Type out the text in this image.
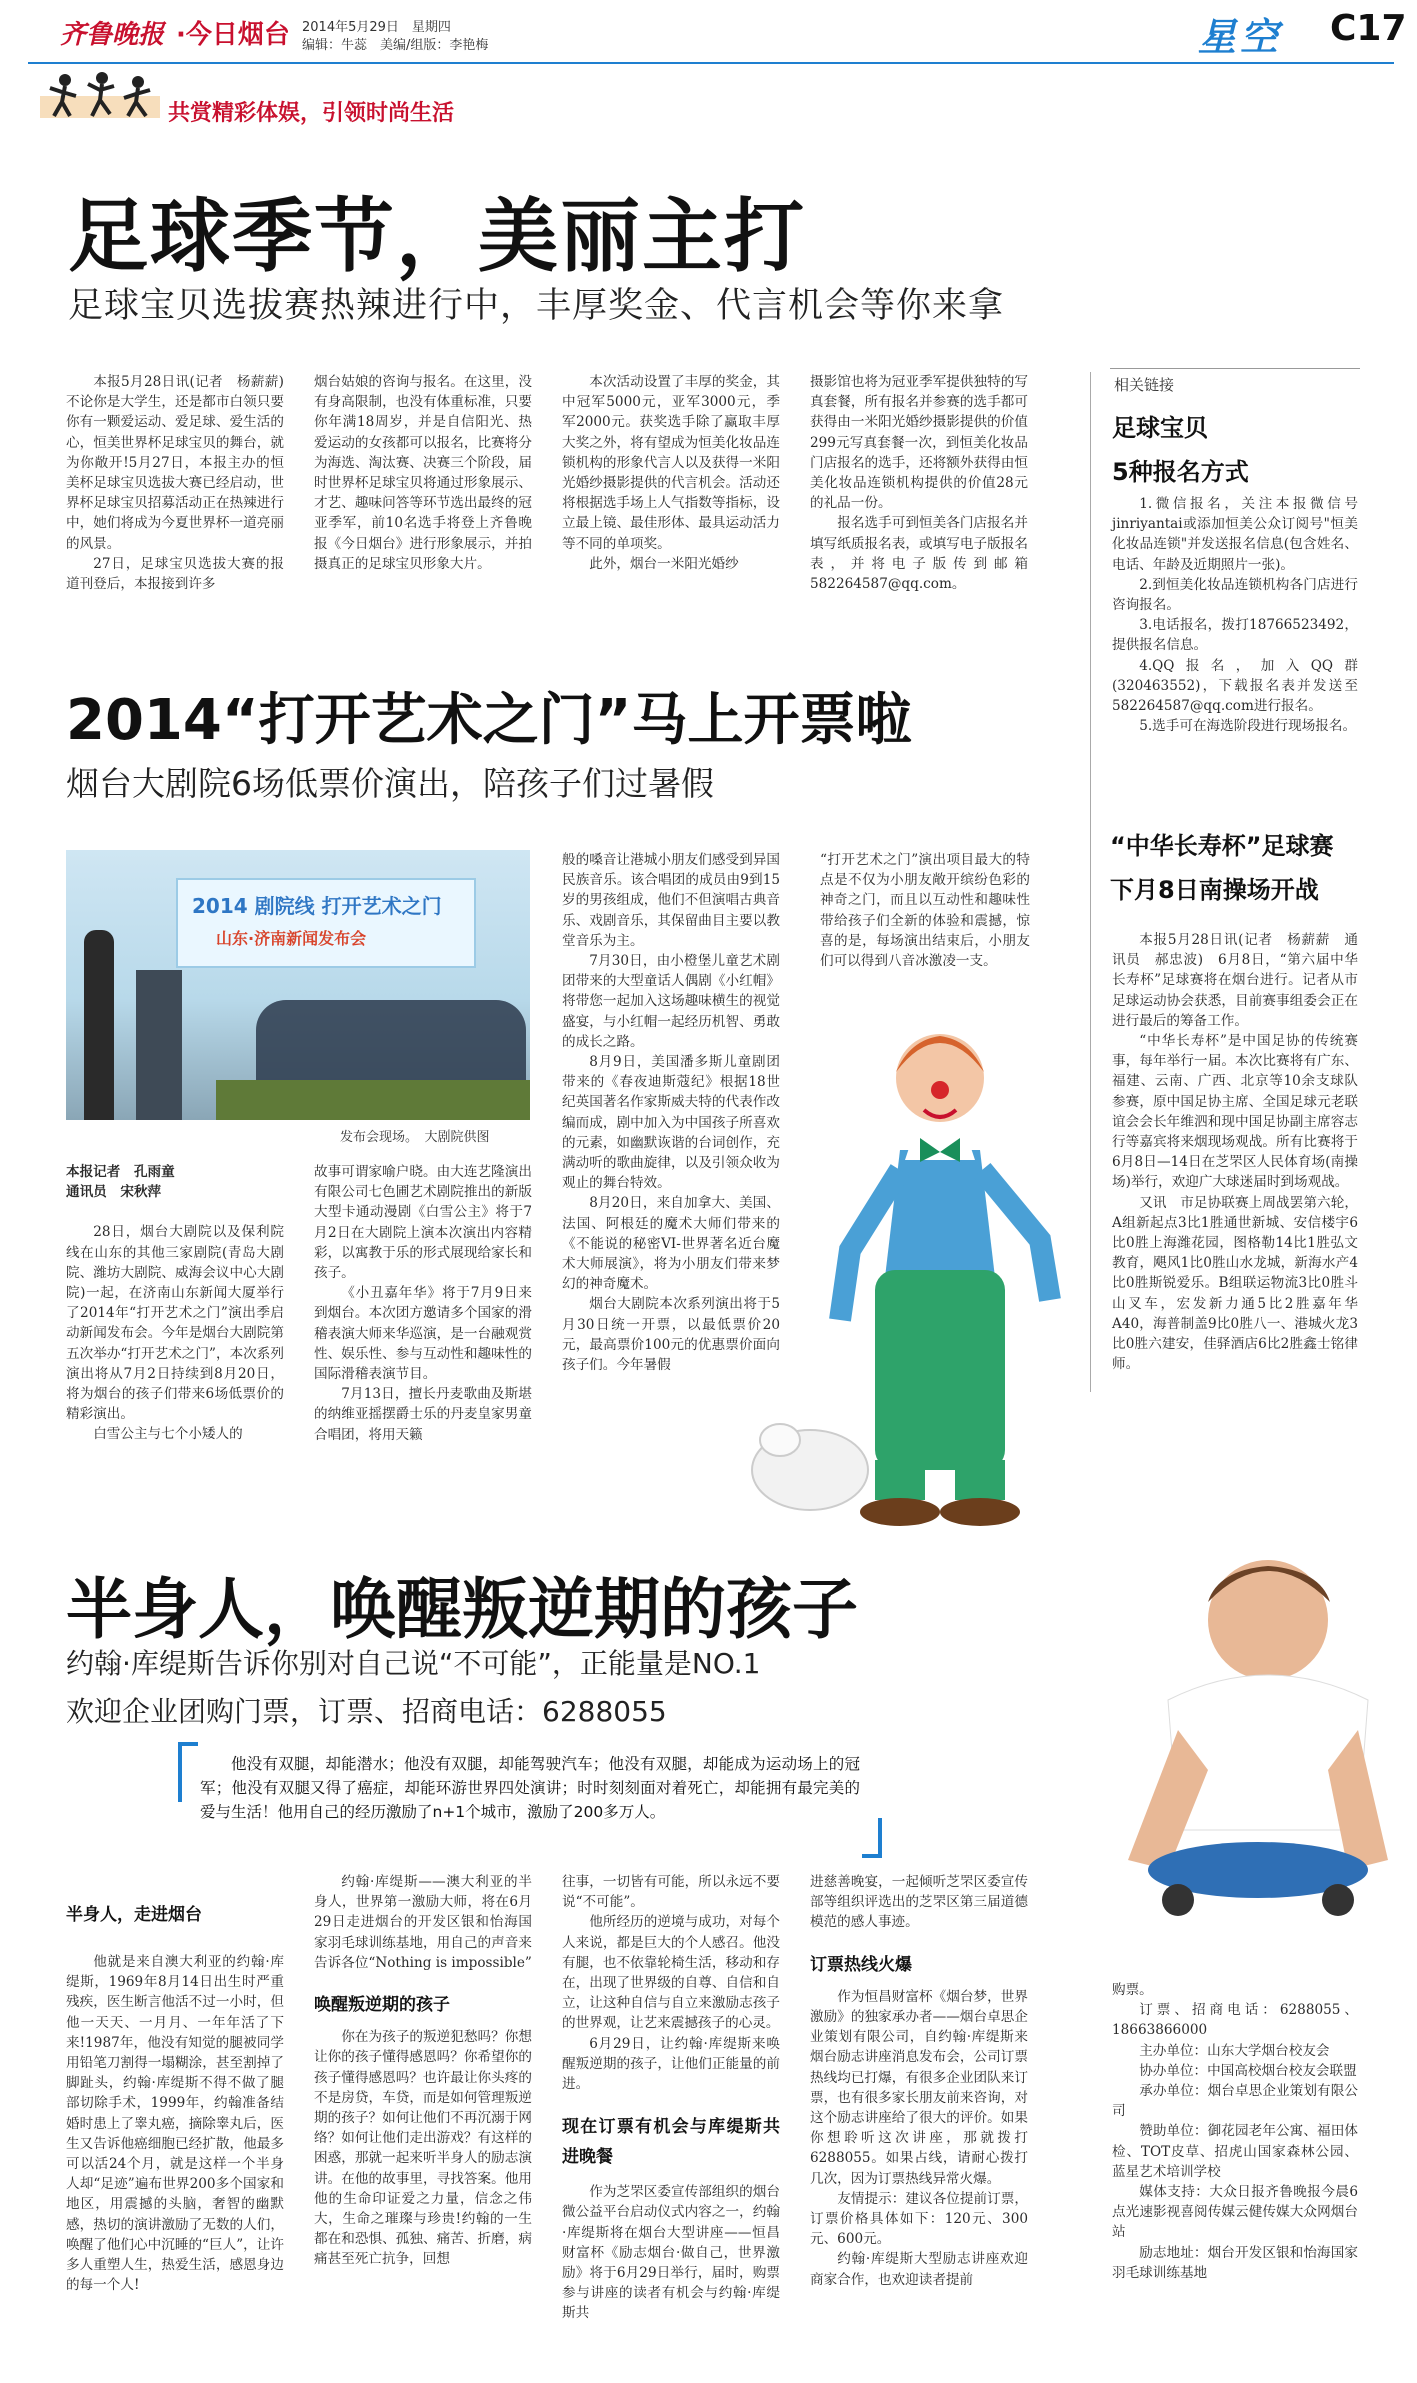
齐鲁晚报 ·今日烟台 2014年5月29日　星期四
编辑：牛蕊　美编/组版：李艳梅	星空 C17
共赏精彩体娱，引领时尚生活
足球季节，美丽主打
足球宝贝选拔赛热辣进行中，丰厚奖金、代言机会等你来拿

本报5月28日讯(记者　杨薪薪)　不论你是大学生，还是都市白领只要你有一颗爱运动、爱足球、爱生活的心，恒美世界杯足球宝贝的舞台，就为你敞开!5月27日，本报主办的恒美杯足球宝贝选拔大赛已经启动，世界杯足球宝贝招募活动正在热辣进行中，她们将成为今夏世界杯一道亮丽的风景。

27日，足球宝贝选拔大赛的报道刊登后，本报接到许多

烟台姑娘的咨询与报名。在这里，没有身高限制，也没有体重标准，只要你年满18周岁，并是自信阳光、热爱运动的女孩都可以报名，比赛将分为海选、淘汰赛、决赛三个阶段，届时世界杯足球宝贝将通过形象展示、才艺、趣味问答等环节选出最终的冠亚季军，前10名选手将登上齐鲁晚报《今日烟台》进行形象展示，并拍摄真正的足球宝贝形象大片。

本次活动设置了丰厚的奖金，其中冠军5000元，亚军3000元，季军2000元。获奖选手除了赢取丰厚大奖之外，将有望成为恒美化妆品连锁机构的形象代言人以及获得一米阳光婚纱摄影提供的代言机会。活动还将根据选手场上人气指数等指标，设立最上镜、最佳形体、最具运动活力等不同的单项奖。

此外，烟台一米阳光婚纱

摄影馆也将为冠亚季军提供独特的写真套餐，所有报名并参赛的选手都可获得由一米阳光婚纱摄影提供的价值299元写真套餐一次，到恒美化妆品门店报名的选手，还将额外获得由恒美化妆品连锁机构提供的价值28元的礼品一份。

报名选手可到恒美各门店报名并填写纸质报名表，或填写电子版报名表，并将电子版传到邮箱582264587@qq.com。

相关链接
足球宝贝
5种报名方式

1.微信报名，关注本报微信号jinriyantai或添加恒美公众订阅号"恒美化妆品连锁"并发送报名信息(包含姓名、电话、年龄及近期照片一张)。

2.到恒美化妆品连锁机构各门店进行咨询报名。

3.电话报名，拨打18766523492，提供报名信息。

4.QQ报名，加入QQ群(320463552)，下载报名表并发送至582264587@qq.com进行报名。

5.选手可在海选阶段进行现场报名。

2014“打开艺术之门”马上开票啦
烟台大剧院6场低票价演出，陪孩子们过暑假
2014 剧院线 打开艺术之门
山东·济南新闻发布会
发布会现场。　大剧院供图

本报记者　孔雨童

通讯员　宋秋萍

28日，烟台大剧院以及保利院线在山东的其他三家剧院(青岛大剧院、潍坊大剧院、威海会议中心大剧院)一起，在济南山东新闻大厦举行了2014年“打开艺术之门”演出季启动新闻发布会。今年是烟台大剧院第五次举办“打开艺术之门”，本次系列演出将从7月2日持续到8月20日，将为烟台的孩子们带来6场低票价的精彩演出。

白雪公主与七个小矮人的

故事可谓家喻户晓。由大连艺隆演出有限公司七色圃艺术剧院推出的新版大型卡通动漫剧《白雪公主》将于7月2日在大剧院上演本次演出内容精彩，以寓教于乐的形式展现给家长和孩子。

《小丑嘉年华》将于7月9日来到烟台。本次团方邀请多个国家的滑稽表演大师来华巡演，是一台融观赏性、娱乐性、参与互动性和趣味性的国际滑稽表演节目。

7月13日，擅长丹麦歌曲及斯堪的纳维亚摇摆爵士乐的丹麦皇家男童合唱团，将用天籁

般的嗓音让港城小朋友们感受到异国民族音乐。该合唱团的成员由9到15岁的男孩组成，他们不但演唱古典音乐、戏剧音乐，其保留曲目主要以教堂音乐为主。

7月30日，由小橙堡儿童艺术剧团带来的大型童话人偶剧《小红帽》将带您一起加入这场趣味横生的视觉盛宴，与小红帽一起经历机智、勇敢的成长之路。

8月9日，美国潘多斯儿童剧团带来的《春夜迪斯蔻纪》根据18世纪英国著名作家斯威夫特的代表作改编而成，剧中加入为中国孩子所喜欢的元素，如幽默诙谐的台词创作，充满动听的歌曲旋律，以及引领众收为观止的舞台特效。

8月20日，来自加拿大、美国、法国、阿根廷的魔术大师们带来的《不能说的秘密VI-世界著名近台魔术大师展演》，将为小朋友们带来梦幻的神奇魔术。

烟台大剧院本次系列演出将于5月30日统一开票，以最低票价20元，最高票价100元的优惠票价面向孩子们。今年暑假

“打开艺术之门”演出项目最大的特点是不仅为小朋友敞开缤纷色彩的神奇之门，而且以互动性和趣味性带给孩子们全新的体验和震撼，惊喜的是，每场演出结束后，小朋友们可以得到八音冰激凌一支。

“中华长寿杯”足球赛
下月8日南操场开战

本报5月28日讯(记者　杨薪薪　通讯员　郝忠波)　6月8日，“第六届中华长寿杯”足球赛将在烟台进行。记者从市足球运动协会获悉，目前赛事组委会正在进行最后的筹备工作。

“中华长寿杯”是中国足协的传统赛事，每年举行一届。本次比赛将有广东、福建、云南、广西、北京等10余支球队参赛，原中国足协主席、全国足球元老联谊会会长年维泗和现中国足协副主席容志行等嘉宾将来烟现场观战。所有比赛将于6月8日—14日在芝罘区人民体育场(南操场)举行，欢迎广大球迷届时到场观战。

又讯　市足协联赛上周战罢第六轮，A组新起点3比1胜通世新城、安信楼宇6比0胜上海潍花园，图格勒14比1胜弘文教育，飓风1比0胜山水龙城，新海水产4比0胜斯锐爱乐。B组联运物流3比0胜斗山叉车，宏发新力通5比2胜嘉年华A40，海普制盖9比0胜八一、港城火龙3比0胜六建安，佳驿酒店6比2胜鑫士铭律师。

半身人，唤醒叛逆期的孩子
约翰·库缇斯告诉你别对自己说“不可能”，正能量是NO.1
欢迎企业团购门票，订票、招商电话：6288055

他没有双腿，却能潜水；他没有双腿，却能驾驶汽车；他没有双腿，却能成为运动场上的冠军；他没有双腿又得了癌症，却能环游世界四处演讲；时时刻刻面对着死亡，却能拥有最完美的爱与生活！他用自己的经历激励了n+1个城市，激励了200多万人。

半身人，走进烟台

他就是来自澳大利亚的约翰·库缇斯，1969年8月14日出生时严重残疾，医生断言他活不过一小时，但他一天天、一月月、一年年活了下来!1987年，他没有知觉的腿被同学用铅笔刀割得一塌糊涂，甚至割掉了脚趾头，约翰·库缇斯不得不做了腿部切除手术，1999年，约翰准备结婚时患上了睾丸癌，摘除睾丸后，医生又告诉他癌细胞已经扩散，他最多可以活24个月，就是这样一个半身人却“足迹”遍布世界200多个国家和地区，用震撼的头脑，奢智的幽默感，热切的演讲激励了无数的人们，唤醒了他们心中沉睡的“巨人”，让许多人重塑人生，热爱生活，感恩身边的每一个人!

约翰·库缇斯——澳大利亚的半身人，世界第一激励大师，将在6月29日走进烟台的开发区银和怡海国家羽毛球训练基地，用自己的声音来告诉各位“Nothing is impossible”

唤醒叛逆期的孩子

你在为孩子的叛逆犯愁吗？你想让你的孩子懂得感恩吗？你希望你的孩子懂得感恩吗？也许最让你头疼的不是房贷，车贷，而是如何管理叛逆期的孩子？如何让他们不再沉溺于网络？如何让他们走出游戏？有这样的困惑，那就一起来听半身人的励志演讲。在他的故事里，寻找答案。他用他的生命印证爱之力量，信念之伟大，生命之璀璨与珍贵!约翰的一生都在和恐惧、孤独、痛苦、折磨，病痛甚至死亡抗争，回想

往事，一切皆有可能，所以永远不要说“不可能”。

他所经历的逆境与成功，对每个人来说，都是巨大的个人感召。他没有腿，也不依靠轮椅生活，移动和存在，出现了世界级的自尊、自信和自立，让这种自信与自立来激励志孩子的世界观，让艺来震撼孩子的心灵。

6月29日，让约翰·库缇斯来唤醒叛逆期的孩子，让他们正能量的前进。

现在订票有机会与库缇斯共进晚餐

作为芝罘区委宣传部组织的烟台微公益平台启动仪式内容之一，约翰·库缇斯将在烟台大型讲座——恒昌财富杯《励志烟台·做自己，世界激励》将于6月29日举行，届时，购票参与讲座的读者有机会与约翰·库缇斯共

进慈善晚宴，一起倾听芝罘区委宣传部等组织评选出的芝罘区第三届道德模范的感人事迹。

订票热线火爆

作为恒昌财富杯《烟台梦，世界激励》的独家承办者——烟台卓思企业策划有限公司，自约翰·库缇斯来烟台励志讲座消息发布会，公司订票热线均已打爆，有很多企业团队来订票，也有很多家长朋友前来咨询，对这个励志讲座给了很大的评价。如果你想聆听这次讲座，那就拨打6288055。如果占线，请耐心拨打几次，因为订票热线异常火爆。

友情提示：建议各位提前订票，订票价格具体如下：120元、300元、600元。

约翰·库缇斯大型励志讲座欢迎商家合作，也欢迎读者提前

购票。

订票、招商电话：6288055、18663866000

主办单位：山东大学烟台校友会

协办单位：中国高校烟台校友会联盟

承办单位：烟台卓思企业策划有限公司

赞助单位：御花园老年公寓、福田体检、TOT皮草、招虎山国家森林公园、蓝星艺术培训学校

媒体支持：大众日报齐鲁晚报今晨6点光速影视喜阅传媒云健传媒大众网烟台站

励志地址：烟台开发区银和怡海国家羽毛球训练基地
